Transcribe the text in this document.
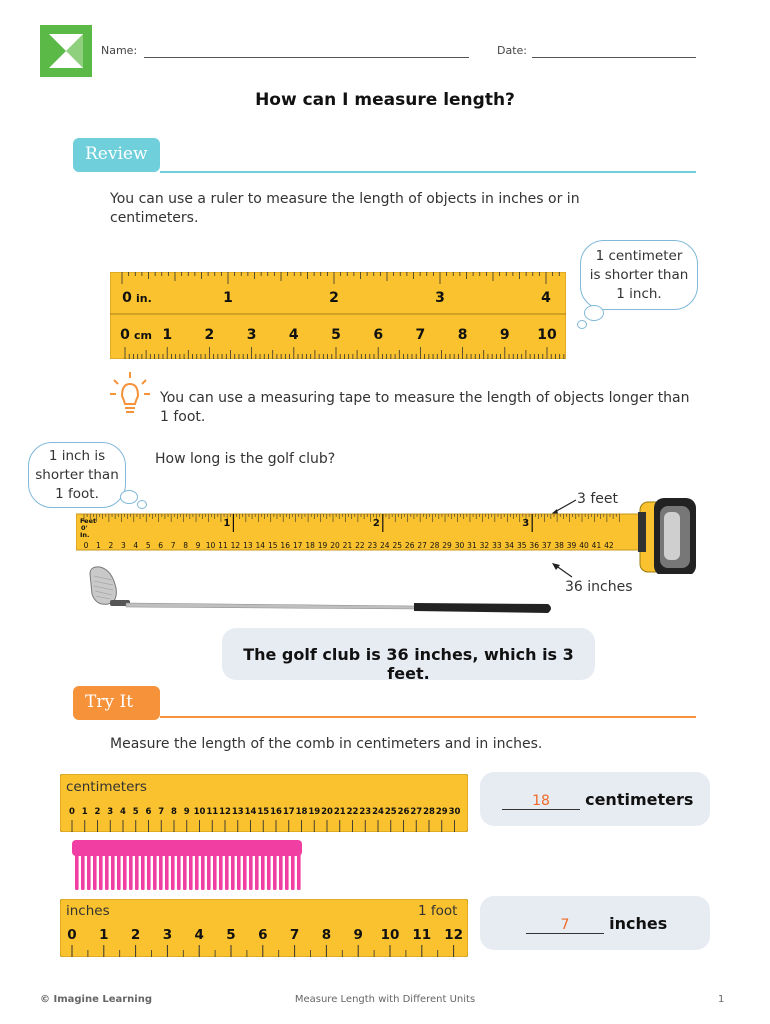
Name:	Date:
How can I measure length?
Review
You can use a ruler to measure the length of objects in inches or in centimeters.
1 centimeter is shorter than 1 inch.
0	1	2	3	4
in.
0 1 2 3 4 5 6 7 8 9 10
cm
You can use a measuring tape to measure the length of objects longer than 1 foot.
1 inch is shorter than 1 foot.
How long is the golf club?
3 feet
0 1 2 3 4 5 6 7 8 9 10 11 12 13 14 15 16 17 18 19 20 21 22 23 24 25 26 27 28 29 30 31 32 33 34 35 36 37 38 39 40 41 42
1	2	3
Feet
0'
In.
36 inches
The golf club is 36 inches, which is 3 feet.
Try It
Measure the length of the comb in centimeters and in inches.
0 1 2 3 4 5 6 7 8 9 10 11 12 13 14 15 16 17 18 19 20 21 22 23 24 25 26 27 28 29 30
centimeters
0 1 2 3 4 5 6 7 8 9 10 11 12
inches	1 foot
18 centimeters
7 inches
© Imagine Learning	Measure Length with Different Units	1
